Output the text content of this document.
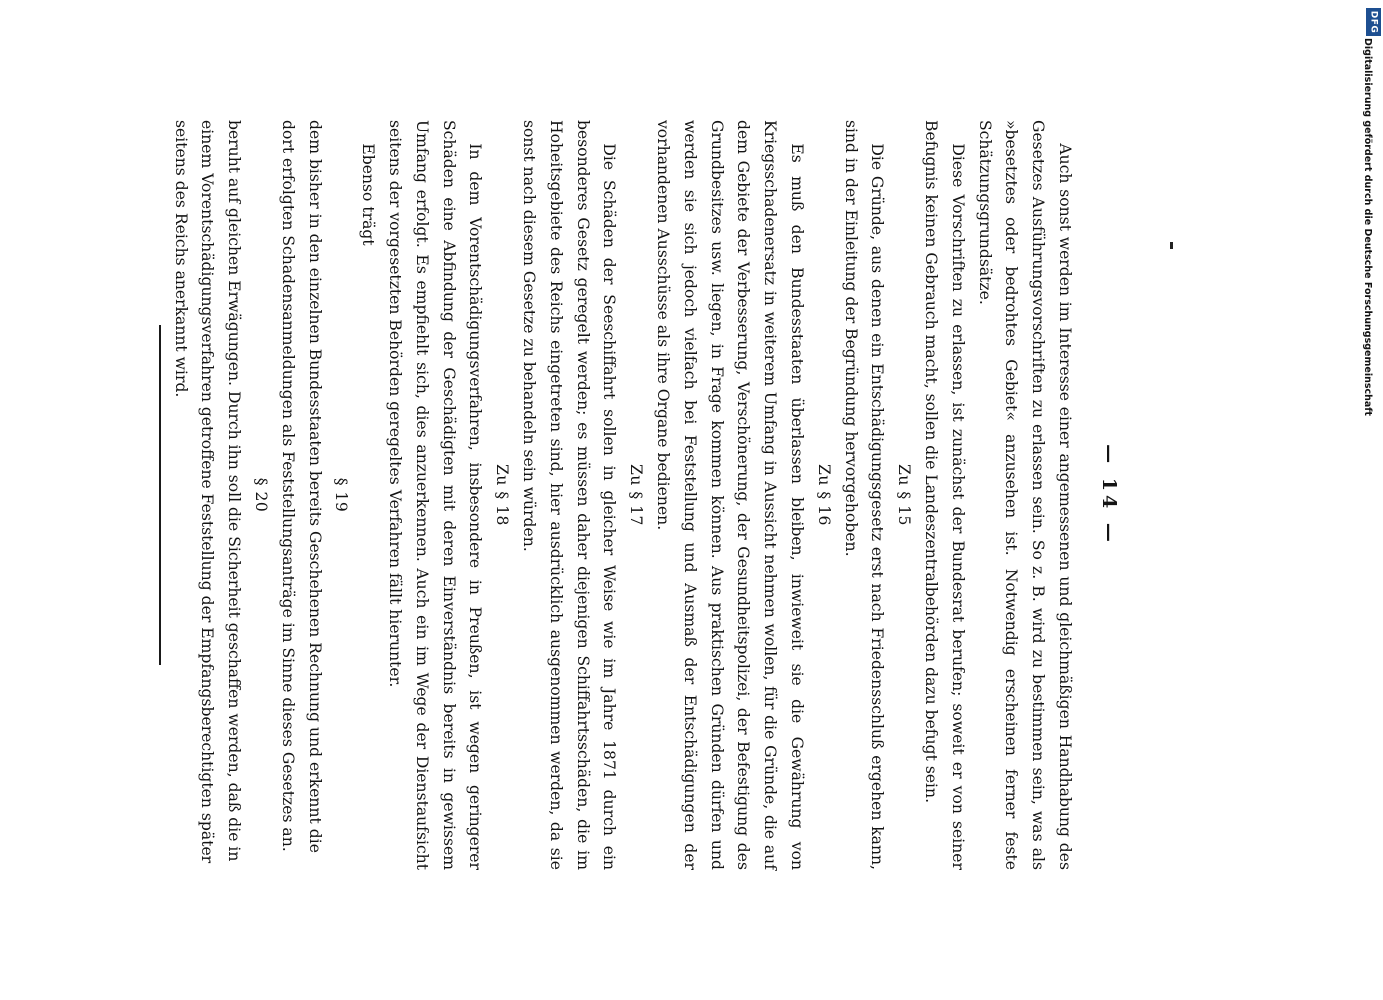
— 14 —

Auch sonst werden im Interesse einer angemessenen und gleichmäßigen Handhabung des Gesetzes Ausführungsvorschriften zu erlassen sein. So z. B. wird zu bestimmen sein, was als »besetztes oder bedrohtes Gebiet« anzusehen ist. Notwendig erscheinen ferner feste Schätzungsgrundsätze.

Diese Vorschriften zu erlassen, ist zunächst der Bundesrat berufen; soweit er von seiner Befugnis keinen Gebrauch macht, sollen die Landeszentralbehörden dazu befugt sein.

Zu § 15

Die Gründe, aus denen ein Entschädigungsgesetz erst nach Friedensschluß ergehen kann, sind in der Einleitung der Begründung hervorgehoben.

Zu § 16

Es muß den Bundesstaaten überlassen bleiben, inwieweit sie die Gewährung von Kriegsschadenersatz in weiterem Umfang in Aussicht nehmen wollen, für die Gründe, die auf dem Gebiete der Verbesserung, Verschönerung, der Gesundheitspolizei, der Befestigung des Grundbesitzes usw. liegen, in Frage kommen können. Aus praktischen Gründen dürfen und werden sie sich jedoch vielfach bei Feststellung und Ausmaß der Entschädigungen der vorhandenen Ausschüsse als ihre Organe bedienen.

Zu § 17

Die Schäden der Seeschiffahrt sollen in gleicher Weise wie im Jahre 1871 durch ein besonderes Gesetz geregelt werden; es müssen daher diejenigen Schiffahrtsschäden, die im Hoheitsgebiete des Reichs eingetreten sind, hier ausdrücklich ausgenommen werden, da sie sonst nach diesem Gesetze zu behandeln sein würden.

Zu § 18

In dem Vorentschädigungsverfahren, insbesondere in Preußen, ist wegen geringerer Schäden eine Abfindung der Geschädigten mit deren Einverständnis bereits in gewissem Umfang erfolgt. Es empfiehlt sich, dies anzuerkennen. Auch ein im Wege der Dienstaufsicht seitens der vorgesetzten Behörden geregeltes Verfahren fällt hierunter.

Ebenso trägt

§ 19

dem bisher in den einzelnen Bundesstaaten bereits Geschehenen Rechnung und erkennt die dort erfolgten Schadensanmeldungen als Feststellungsanträge im Sinne dieses Gesetzes an.

§ 20

beruht auf gleichen Erwägungen. Durch ihn soll die Sicherheit geschaffen werden, daß die in einem Vorentschädigungsverfahren getroffene Feststellung der Empfangsberechtigten später seitens des Reichs anerkannt wird.

DFG
Digitalisierung gefördert durch die Deutsche Forschungsgemeinschaft
